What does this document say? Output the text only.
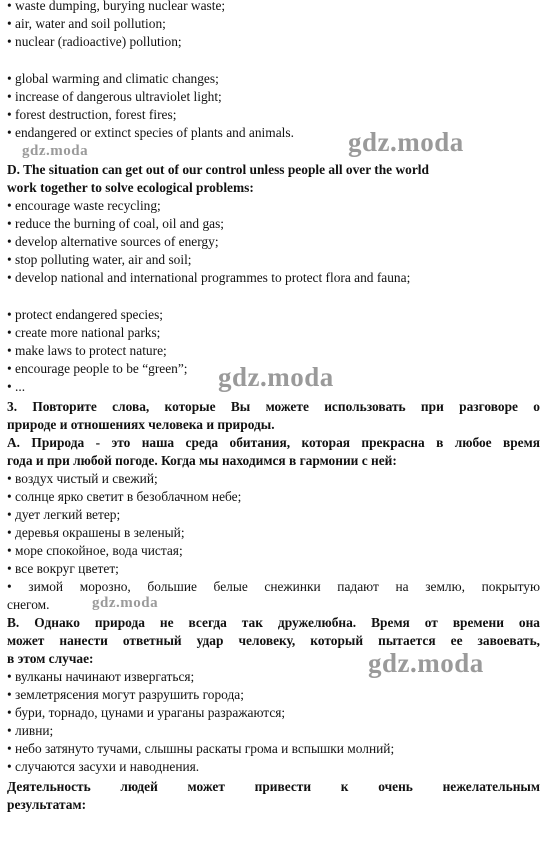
• waste dumping, burying nuclear waste;
• air, water and soil pollution;
• nuclear (radioactive) pollution;
• global warming and climatic changes;
• increase of dangerous ultraviolet light;
• forest destruction, forest fires;
• endangered or extinct species of plants and animals.
D. The situation can get out of our control unless people all over the world
work together to solve ecological problems:
• encourage waste recycling;
• reduce the burning of coal, oil and gas;
• develop alternative sources of energy;
• stop polluting water, air and soil;
• develop national and international programmes to protect flora and fauna;
• protect endangered species;
• create more national parks;
• make laws to protect nature;
• encourage people to be “green”;
• ...
3. Повторите слова, которые Вы можете использовать при разговоре о
природе и отношениях человека и природы.
А. Природа - это наша среда обитания, которая прекрасна в любое время
года и при любой погоде. Когда мы находимся в гармонии с ней:
• воздух чистый и свежий;
• солнце ярко светит в безоблачном небе;
• дует легкий ветер;
• деревья окрашены в зеленый;
• море спокойное, вода чистая;
• все вокруг цветет;
• зимой морозно, большие белые снежинки падают на землю, покрытую
снегом.
В. Однако природа не всегда так дружелюбна. Время от времени она
может нанести ответный удар человеку, который пытается ее завоевать,
в этом случае:
• вулканы начинают извергаться;
• землетрясения могут разрушить города;
• бури, торнадо, цунами и ураганы разражаются;
• ливни;
• небо затянуто тучами, слышны раскаты грома и вспышки молний;
• случаются засухи и наводнения.
Деятельность людей может привести к очень нежелательным
результатам:
gdz.moda
gdz.moda
gdz.moda
gdz.moda
gdz.moda
